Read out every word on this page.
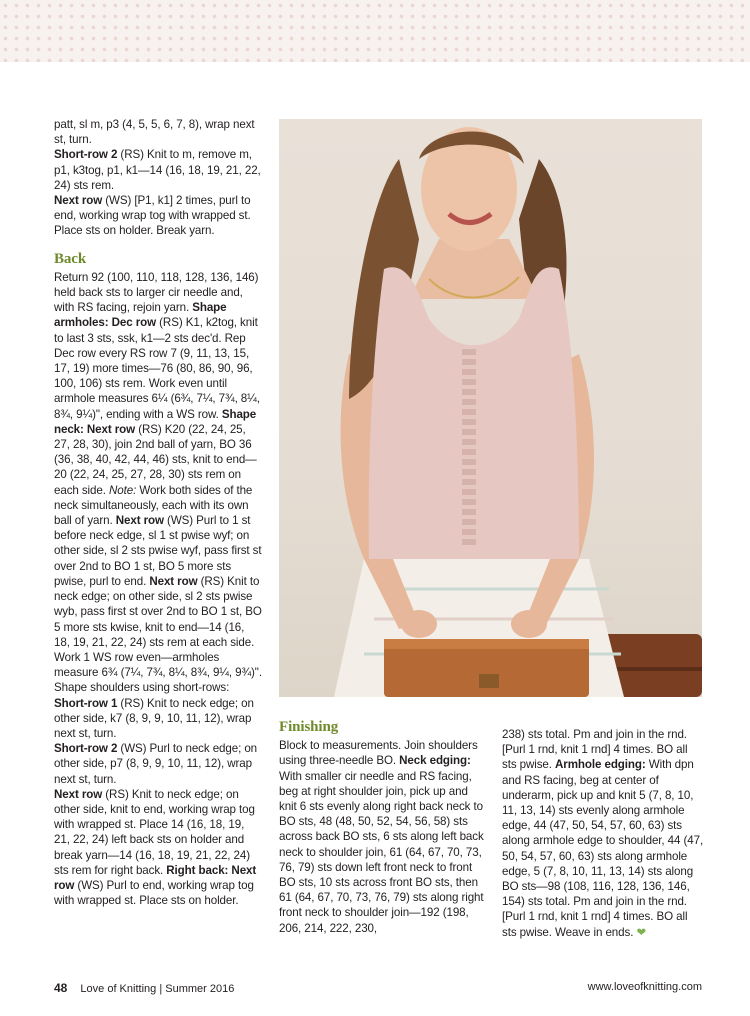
patt, sl m, p3 (4, 5, 5, 6, 7, 8), wrap next st, turn.

Short-row 2 (RS) Knit to m, remove m, p1, k3tog, p1, k1—14 (16, 18, 19, 21, 22, 24) sts rem.

Next row (WS) [P1, k1] 2 times, purl to end, working wrap tog with wrapped st. Place sts on holder. Break yarn.

Back

Return 92 (100, 110, 118, 128, 136, 146) held back sts to larger cir needle and, with RS facing, rejoin yarn. Shape armholes: Dec row (RS) K1, k2tog, knit to last 3 sts, ssk, k1—2 sts dec'd. Rep Dec row every RS row 7 (9, 11, 13, 15, 17, 19) more times—76 (80, 86, 90, 96, 100, 106) sts rem. Work even until armhole measures 6¼ (6¾, 7¼, 7¾, 8¼, 8¾, 9¼)", ending with a WS row. Shape neck: Next row (RS) K20 (22, 24, 25, 27, 28, 30), join 2nd ball of yarn, BO 36 (36, 38, 40, 42, 44, 46) sts, knit to end—20 (22, 24, 25, 27, 28, 30) sts rem on each side. Note: Work both sides of the neck simultaneously, each with its own ball of yarn. Next row (WS) Purl to 1 st before neck edge, sl 1 st pwise wyf; on other side, sl 2 sts pwise wyf, pass first st over 2nd to BO 1 st, BO 5 more sts pwise, purl to end. Next row (RS) Knit to neck edge; on other side, sl 2 sts pwise wyb, pass first st over 2nd to BO 1 st, BO 5 more sts kwise, knit to end—14 (16, 18, 19, 21, 22, 24) sts rem at each side. Work 1 WS row even—armholes measure 6¾ (7¼, 7¾, 8¼, 8¾, 9¼, 9¾)". Shape shoulders using short-rows:

Short-row 1 (RS) Knit to neck edge; on other side, k7 (8, 9, 9, 10, 11, 12), wrap next st, turn.

Short-row 2 (WS) Purl to neck edge; on other side, p7 (8, 9, 9, 10, 11, 12), wrap next st, turn.

Next row (RS) Knit to neck edge; on other side, knit to end, working wrap tog with wrapped st. Place 14 (16, 18, 19, 21, 22, 24) left back sts on holder and break yarn—14 (16, 18, 19, 21, 22, 24) sts rem for right back. Right back: Next row (WS) Purl to end, working wrap tog with wrapped st. Place sts on holder.

Finishing

Block to measurements. Join shoulders using three-needle BO. Neck edging: With smaller cir needle and RS facing, beg at right shoulder join, pick up and knit 6 sts evenly along right back neck to BO sts, 48 (48, 50, 52, 54, 56, 58) sts across back BO sts, 6 sts along left back neck to shoulder join, 61 (64, 67, 70, 73, 76, 79) sts down left front neck to front BO sts, 10 sts across front BO sts, then 61 (64, 67, 70, 73, 76, 79) sts along right front neck to shoulder join—192 (198, 206, 214, 222, 230,

238) sts total. Pm and join in the rnd. [Purl 1 rnd, knit 1 rnd] 4 times. BO all sts pwise. Armhole edging: With dpn and RS facing, beg at center of underarm, pick up and knit 5 (7, 8, 10, 11, 13, 14) sts evenly along armhole edge, 44 (47, 50, 54, 57, 60, 63) sts along armhole edge to shoulder, 44 (47, 50, 54, 57, 60, 63) sts along armhole edge, 5 (7, 8, 10, 11, 13, 14) sts along BO sts—98 (108, 116, 128, 136, 146, 154) sts total. Pm and join in the rnd. [Purl 1 rnd, knit 1 rnd] 4 times. BO all sts pwise. Weave in ends. ❤

48 Love of Knitting | Summer 2016	www.loveofknitting.com
